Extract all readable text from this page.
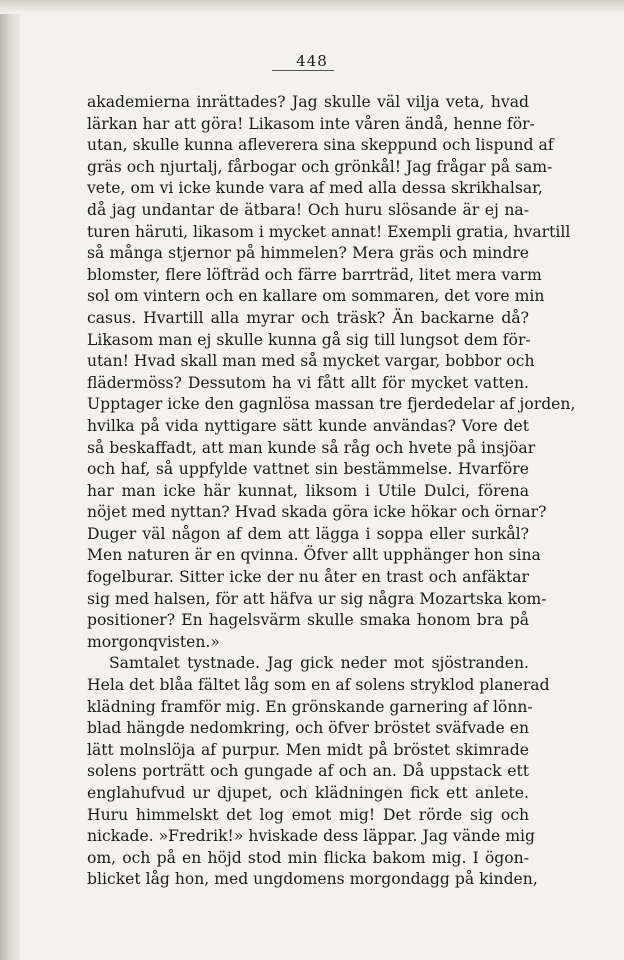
448
akademierna inrättades? Jag skulle väl vilja veta, hvad
lärkan har att göra! Likasom inte våren ändå, henne för-
utan, skulle kunna afleverera sina skeppund och lispund af
gräs och njurtalj, fårbogar och grönkål! Jag frågar på sam-
vete, om vi icke kunde vara af med alla dessa skrikhalsar,
då jag undantar de ätbara! Och huru slösande är ej na-
turen häruti, likasom i mycket annat! Exempli gratia, hvartill
så många stjernor på himmelen? Mera gräs och mindre
blomster, flere löfträd och färre barrträd, litet mera varm
sol om vintern och en kallare om sommaren, det vore min
casus. Hvartill alla myrar och träsk? Än backarne då?
Likasom man ej skulle kunna gå sig till lungsot dem för-
utan! Hvad skall man med så mycket vargar, bobbor och
flädermöss? Dessutom ha vi fått allt för mycket vatten.
Upptager icke den gagnlösa massan tre fjerdedelar af jorden,
hvilka på vida nyttigare sätt kunde användas? Vore det
så beskaffadt, att man kunde så råg och hvete på insjöar
och haf, så uppfylde vattnet sin bestämmelse. Hvarföre
har man icke här kunnat, liksom i Utile Dulci, förena
nöjet med nyttan? Hvad skada göra icke hökar och örnar?
Duger väl någon af dem att lägga i soppa eller surkål?
Men naturen är en qvinna. Öfver allt upphänger hon sina
fogelburar. Sitter icke der nu åter en trast och anfäktar
sig med halsen, för att häfva ur sig några Mozartska kom-
positioner? En hagelsvärm skulle smaka honom bra på
morgonqvisten.»
Samtalet tystnade. Jag gick neder mot sjöstranden.
Hela det blåa fältet låg som en af solens stryklod planerad
klädning framför mig. En grönskande garnering af lönn-
blad hängde nedomkring, och öfver bröstet sväfvade en
lätt molnslöja af purpur. Men midt på bröstet skimrade
solens porträtt och gungade af och an. Då uppstack ett
englahufvud ur djupet, och klädningen fick ett anlete.
Huru himmelskt det log emot mig! Det rörde sig och
nickade. »Fredrik!» hviskade dess läppar. Jag vände mig
om, och på en höjd stod min flicka bakom mig. I ögon-
blicket låg hon, med ungdomens morgondagg på kinden,
